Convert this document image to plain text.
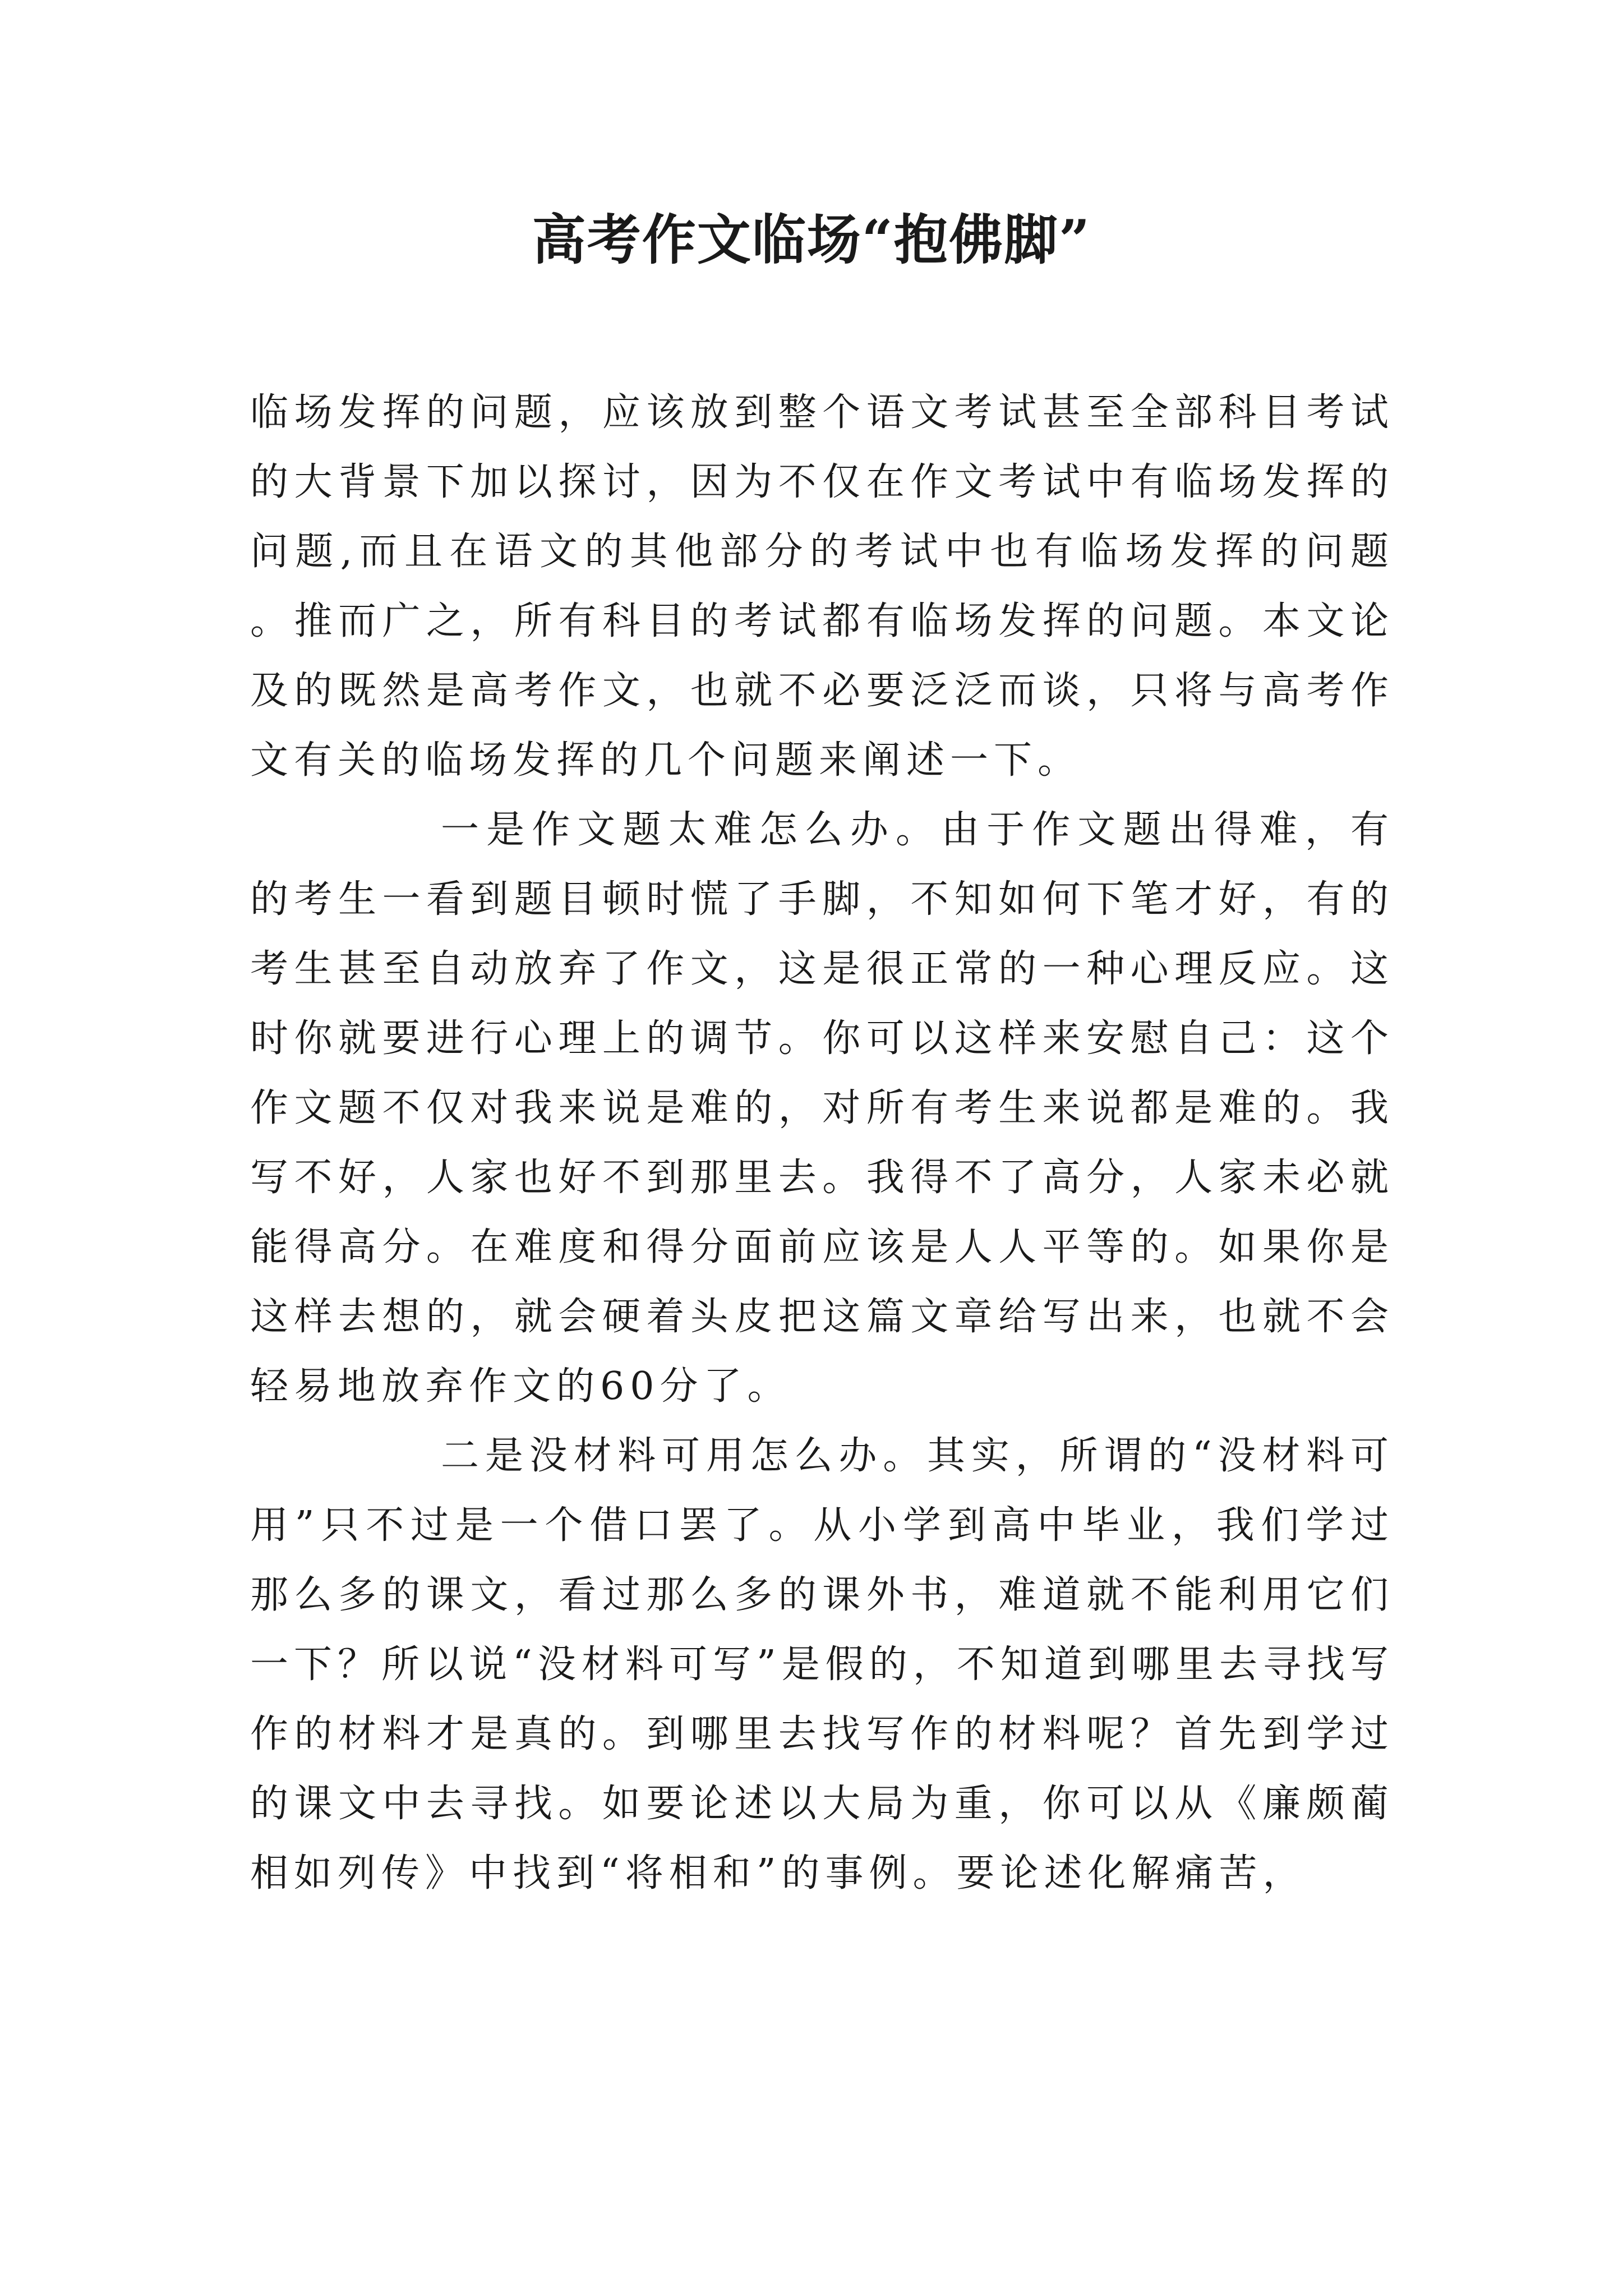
高考作文临场“抱佛脚”

临场发挥的问题，应该放到整个语文考试甚至全部科目考试的大背景下加以探讨，因为不仅在作文考试中有临场发挥的问题,而且在语文的其他部分的考试中也有临场发挥的问题。推而广之，所有科目的考试都有临场发挥的问题。本文论及的既然是高考作文，也就不必要泛泛而谈，只将与高考作文有关的临场发挥的几个问题来阐述一下。

一是作文题太难怎么办。由于作文题出得难，有的考生一看到题目顿时慌了手脚，不知如何下笔才好，有的考生甚至自动放弃了作文，这是很正常的一种心理反应。这时你就要进行心理上的调节。你可以这样来安慰自己：这个作文题不仅对我来说是难的，对所有考生来说都是难的。我写不好，人家也好不到那里去。我得不了高分，人家未必就能得高分。在难度和得分面前应该是人人平等的。如果你是这样去想的，就会硬着头皮把这篇文章给写出来，也就不会轻易地放弃作文的60分了。

二是没材料可用怎么办。其实，所谓的“没材料可用”只不过是一个借口罢了。从小学到高中毕业，我们学过那么多的课文，看过那么多的课外书，难道就不能利用它们一下？所以说“没材料可写”是假的，不知道到哪里去寻找写作的材料才是真的。到哪里去找写作的材料呢？首先到学过的课文中去寻找。如要论述以大局为重，你可以从《廉颇蔺相如列传》中找到“将相和”的事例。要论述化解痛苦，
